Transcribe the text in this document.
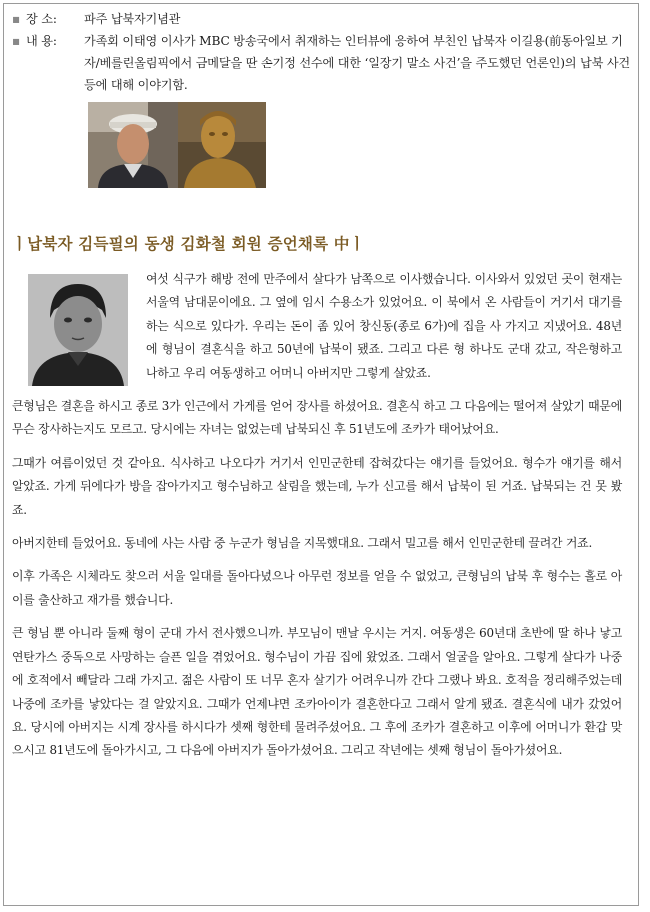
▪ 장 소:	파주 납북자기념관
▪ 내 용:	가족회 이태영 이사가 MBC 방송국에서 취재하는 인터뷰에 응하여 부친인 납북자 이길용(前동아일보 기자/베를린올림픽에서 금메달을 딴 손기정 선수에 대한 ‘일장기 말소 사건’을 주도했던 언론인)의 납북 사건 등에 대해 이야기함.
ㅣ납북자 김득필의 동생 김화철 회원 증언채록 中ㅣ

여섯 식구가 해방 전에 만주에서 살다가 남쪽으로 이사했습니다. 이사와서 있었던 곳이 현재는 서울역 남대문이에요. 그 옆에 임시 수용소가 있었어요. 이 북에서 온 사람들이 거기서 대기를 하는 식으로 있다가. 우리는 돈이 좀 있어 창신동(종로 6가)에 집을 사 가지고 지냈어요. 48년에 형님이 결혼식을 하고 50년에 납북이 됐죠. 그리고 다른 형 하나도 군대 갔고, 작은형하고 나하고 우리 여동생하고 어머니 아버지만 그렇게 살았죠.

큰형님은 결혼을 하시고 종로 3가 인근에서 가게를 얻어 장사를 하셨어요. 결혼식 하고 그 다음에는 떨어져 살았기 때문에 무슨 장사하는지도 모르고. 당시에는 자녀는 없었는데 납북되신 후 51년도에 조카가 태어났어요.

그때가 여름이었던 것 같아요. 식사하고 나오다가 거기서 인민군한테 잡혀갔다는 얘기를 들었어요. 형수가 얘기를 해서 알았죠. 가게 뒤에다가 방을 잡아가지고 형수님하고 살림을 했는데, 누가 신고를 해서 납북이 된 거죠. 납북되는 건 못 봤죠.

아버지한테 들었어요. 동네에 사는 사람 중 누군가 형님을 지목했대요. 그래서 밀고를 해서 인민군한테 끌려간 거죠.

이후 가족은 시체라도 찾으러 서울 일대를 돌아다녔으나 아무런 정보를 얻을 수 없었고, 큰형님의 납북 후 형수는 홀로 아이를 출산하고 재가를 했습니다.

큰 형님 뿐 아니라 둘째 형이 군대 가서 전사했으니까. 부모님이 맨날 우시는 거지. 여동생은 60년대 초반에 딸 하나 낳고 연탄가스 중독으로 사망하는 슬픈 일을 겪었어요. 형수님이 가끔 집에 왔었죠. 그래서 얼굴을 알아요. 그렇게 살다가 나중에 호적에서 빼달라 그래 가지고. 젊은 사람이 또 너무 혼자 살기가 어려우니까 간다 그랬나 봐요. 호적을 정리해주었는데 나중에 조카를 낳았다는 걸 알았지요. 그때가 언제냐면 조카아이가 결혼한다고 그래서 알게 됐죠. 결혼식에 내가 갔었어요. 당시에 아버지는 시계 장사를 하시다가 셋째 형한테 물려주셨어요. 그 후에 조카가 결혼하고 이후에 어머니가 환갑 맞으시고 81년도에 돌아가시고, 그 다음에 아버지가 돌아가셨어요. 그리고 작년에는 셋째 형님이 돌아가셨어요.
